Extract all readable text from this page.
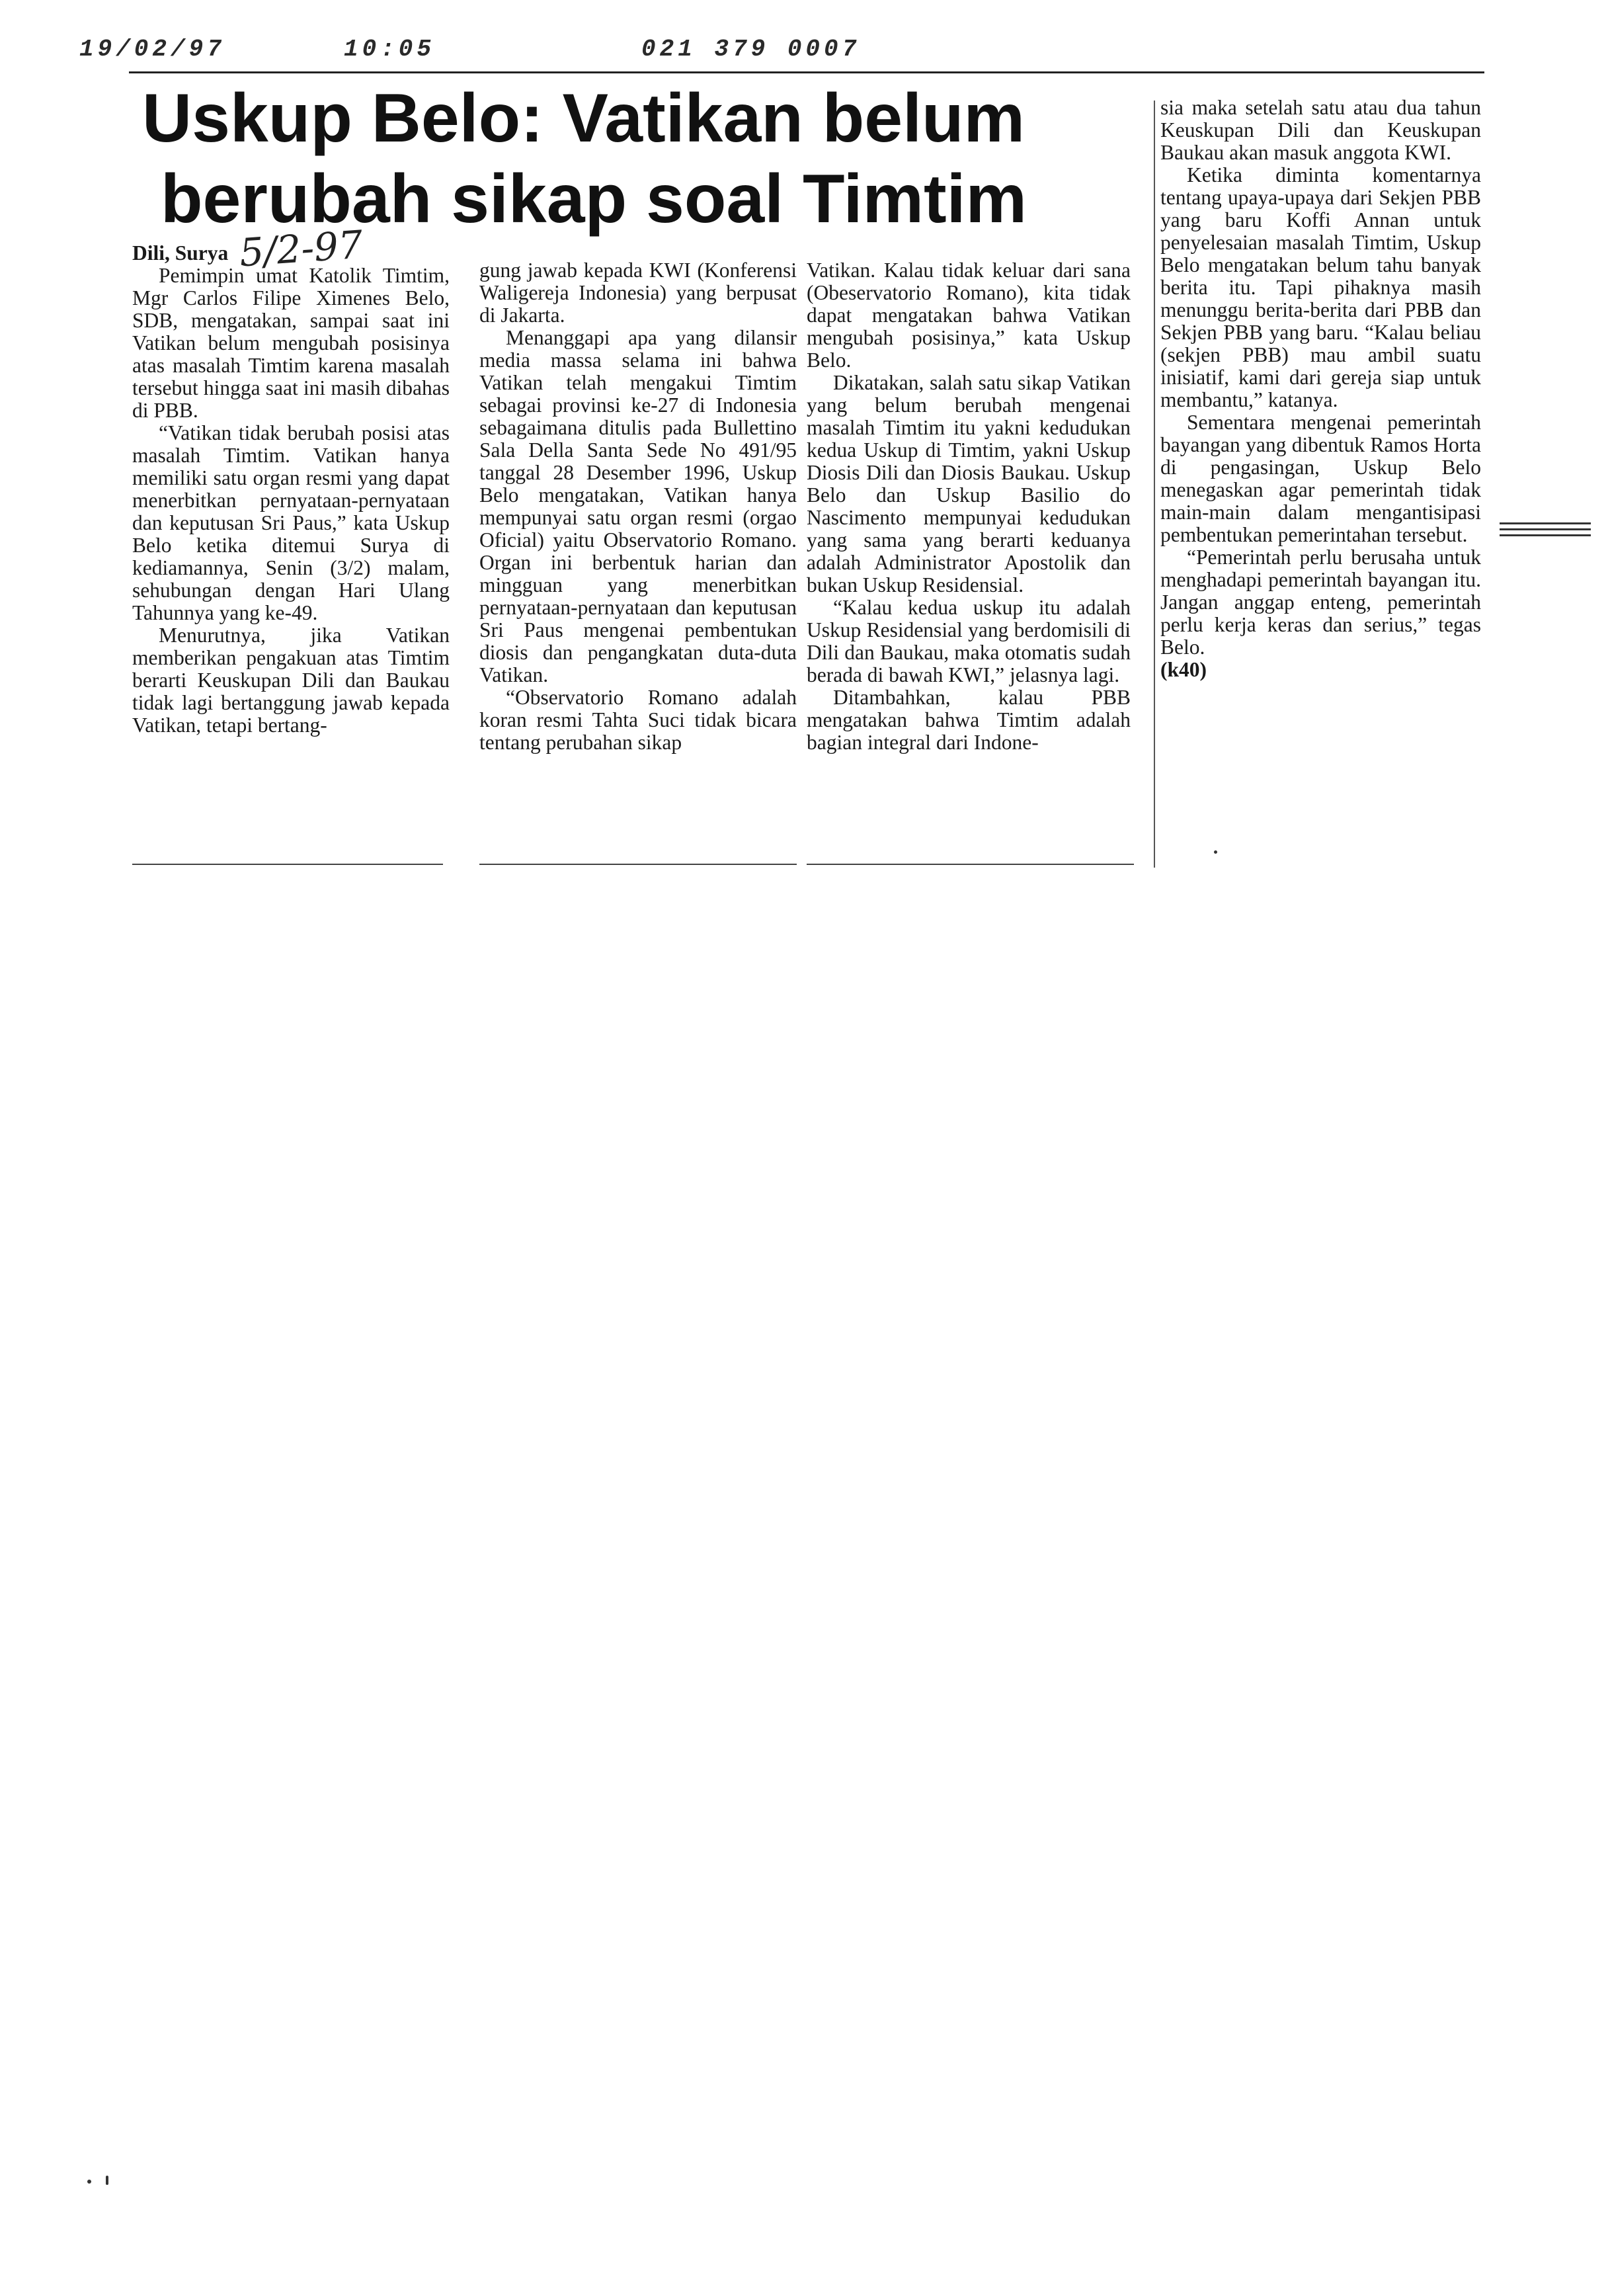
19/02/97	10:05	021 379 0007
Uskup Belo: Vatikan belum
berubah sikap soal Timtim
5/2-97

Dili, Surya

Pemimpin umat Katolik Timtim, Mgr Carlos Filipe Ximenes Belo, SDB, mengatakan, sampai saat ini Vatikan belum mengubah posisinya atas masalah Timtim karena masalah tersebut hingga saat ini masih dibahas di PBB.

“Vatikan tidak berubah posisi atas masalah Timtim. Vatikan hanya memiliki satu organ resmi yang dapat menerbitkan pernyataan-pernyataan dan keputusan Sri Paus,” kata Uskup Belo ketika ditemui Surya di kediamannya, Senin (3/2) malam, sehubungan dengan Hari Ulang Tahunnya yang ke-49.

Menurutnya, jika Vatikan memberikan pengakuan atas Timtim berarti Keuskupan Dili dan Baukau tidak lagi bertanggung jawab kepada Vatikan, tetapi bertang-

gung jawab kepada KWI (Konferensi Waligereja Indonesia) yang berpusat di Jakarta.

Menanggapi apa yang dilansir media massa selama ini bahwa Vatikan telah mengakui Timtim sebagai provinsi ke-27 di Indonesia sebagaimana ditulis pada Bullettino Sala Della Santa Sede No 491/95 tanggal 28 Desember 1996, Uskup Belo mengatakan, Vatikan hanya mempunyai satu organ resmi (orgao Oficial) yaitu Observatorio Romano. Organ ini berbentuk harian dan mingguan yang menerbitkan pernyataan-pernyataan dan keputusan Sri Paus mengenai pembentukan diosis dan pengangkatan duta-duta Vatikan.

“Observatorio Romano adalah koran resmi Tahta Suci tidak bicara tentang perubahan sikap

Vatikan. Kalau tidak keluar dari sana (Obeservatorio Romano), kita tidak dapat mengatakan bahwa Vatikan mengubah posisinya,” kata Uskup Belo.

Dikatakan, salah satu sikap Vatikan yang belum berubah mengenai masalah Timtim itu yakni kedudukan kedua Uskup di Timtim, yakni Uskup Diosis Dili dan Diosis Baukau. Uskup Belo dan Uskup Basilio do Nascimento mempunyai kedudukan yang sama yang berarti keduanya adalah Administrator Apostolik dan bukan Uskup Residensial.

“Kalau kedua uskup itu adalah Uskup Residensial yang berdomisili di Dili dan Baukau, maka otomatis sudah berada di bawah KWI,” jelasnya lagi.

Ditambahkan, kalau PBB mengatakan bahwa Timtim adalah bagian integral dari Indone-

sia maka setelah satu atau dua tahun Keuskupan Dili dan Keuskupan Baukau akan masuk anggota KWI.

Ketika diminta komentarnya tentang upaya-upaya dari Sekjen PBB yang baru Koffi Annan untuk penyelesaian masalah Timtim, Uskup Belo mengatakan belum tahu banyak berita itu. Tapi pihaknya masih menunggu berita-berita dari PBB dan Sekjen PBB yang baru. “Kalau beliau (sekjen PBB) mau ambil suatu inisiatif, kami dari gereja siap untuk membantu,” katanya.

Sementara mengenai pemerintah bayangan yang dibentuk Ramos Horta di pengasingan, Uskup Belo menegaskan agar pemerintah tidak main-main dalam mengantisipasi pembentukan pemerintahan tersebut.

“Pemerintah perlu berusaha untuk menghadapi pemerintah bayangan itu. Jangan anggap enteng, pemerintah perlu kerja keras dan serius,” tegas Belo.

(k40)
